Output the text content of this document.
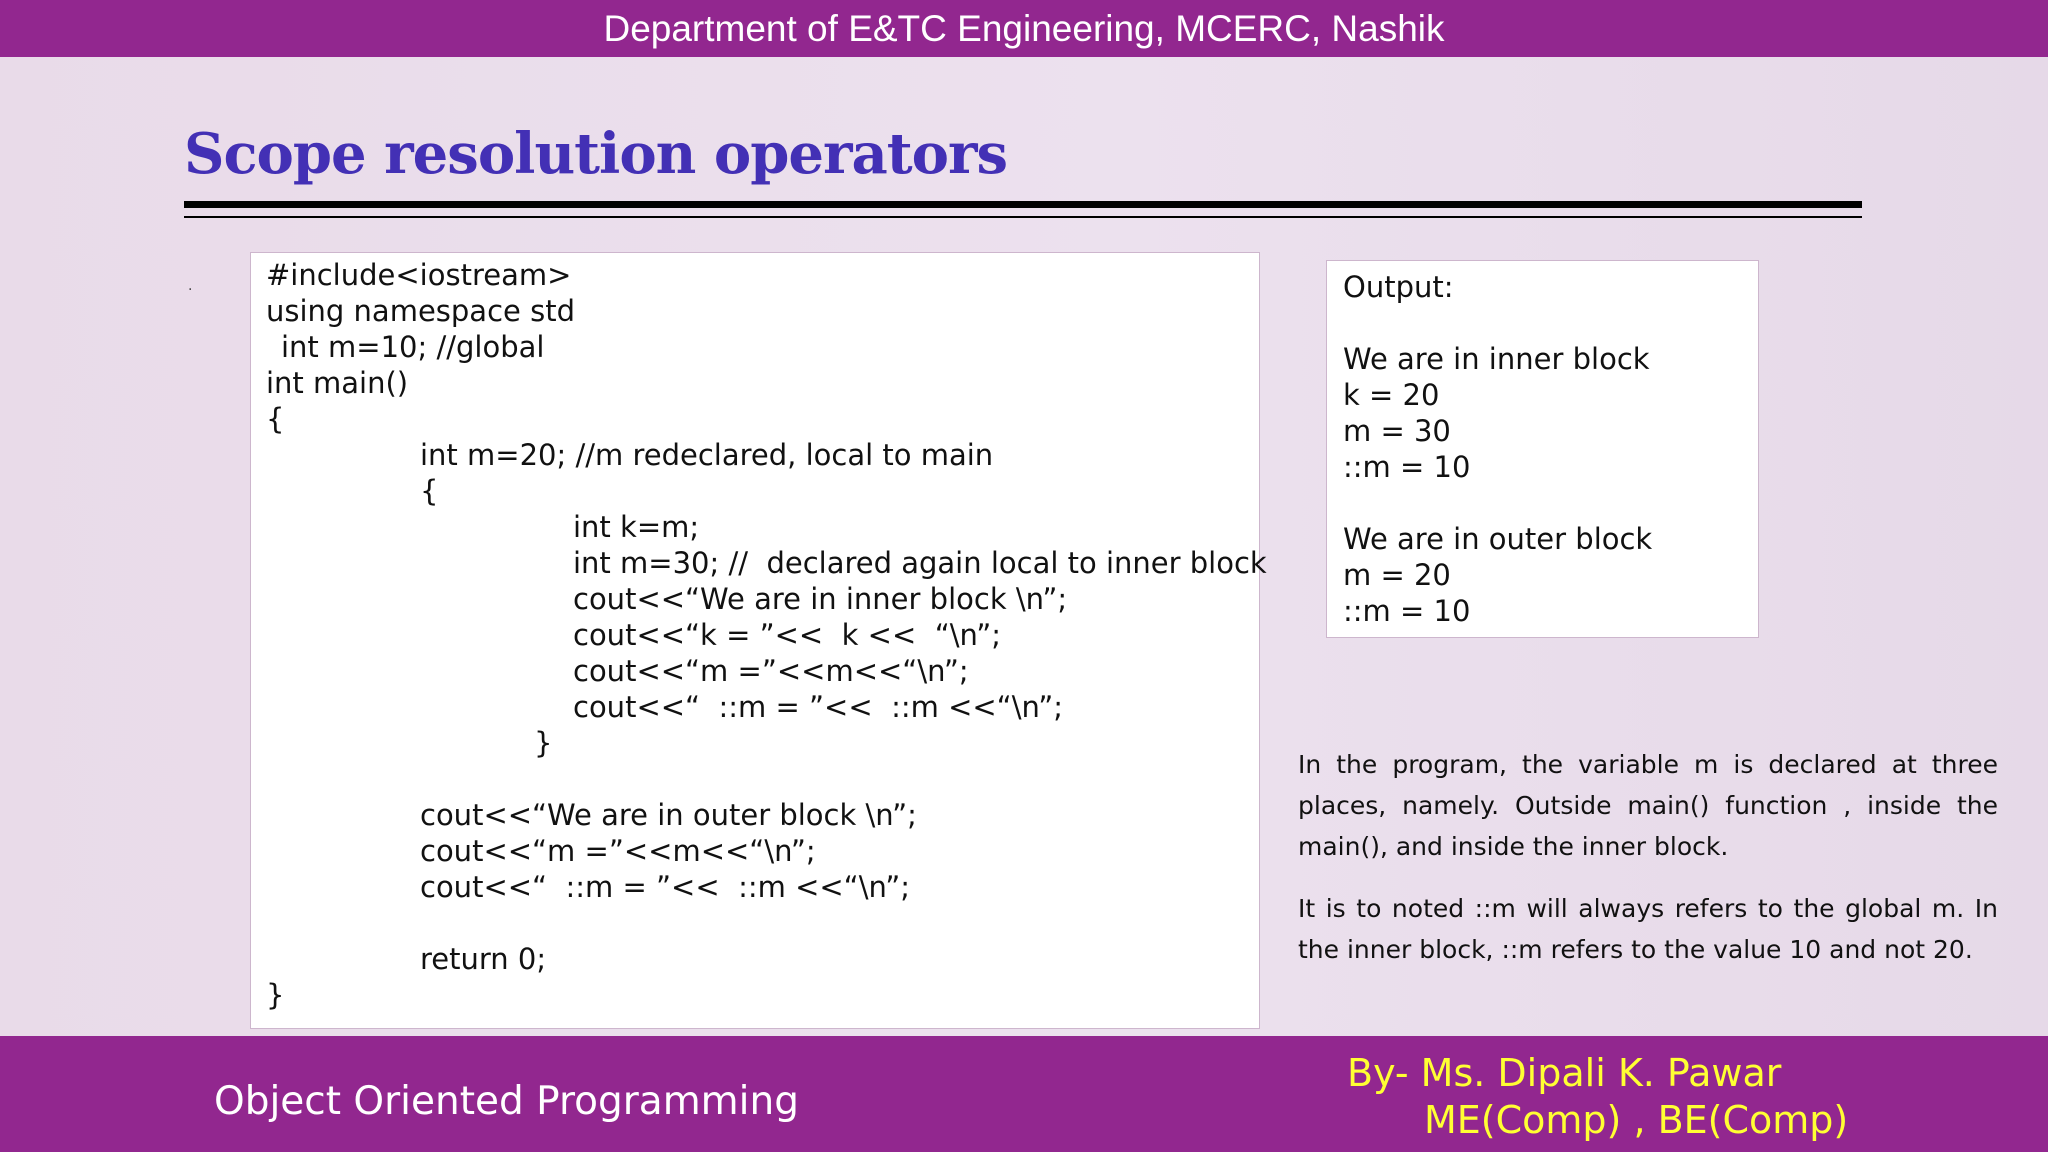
Department of E&TC Engineering, MCERC, Nashik
Scope resolution operators
.	#include<iostream>
using namespace std
int m=10; //global
int main()
{
int m=20; //m redeclared, local to main
{
int k=m;
int m=30; //  declared again local to inner block
cout<<“We are in inner block \n”;
cout<<“k = ”<<  k <<  “\n”;
cout<<“m =”<<m<<“\n”;
cout<<“  ::m = ”<<  ::m <<“\n”;
}
cout<<“We are in outer block \n”;
cout<<“m =”<<m<<“\n”;
cout<<“  ::m = ”<<  ::m <<“\n”;
return 0;
}
Output:
We are in inner block
k = 20
m = 30
::m = 10
We are in outer block
m = 20
::m = 10

In the program, the variable m is declared at three places, namely. Outside main() function , inside the main(), and inside the inner block.

It is to noted ::m will always refers to the global m. In the inner block, ::m refers to the value 10 and not 20.

Object Oriented Programming
By- Ms. Dipali K. Pawar
ME(Comp) , BE(Comp)
